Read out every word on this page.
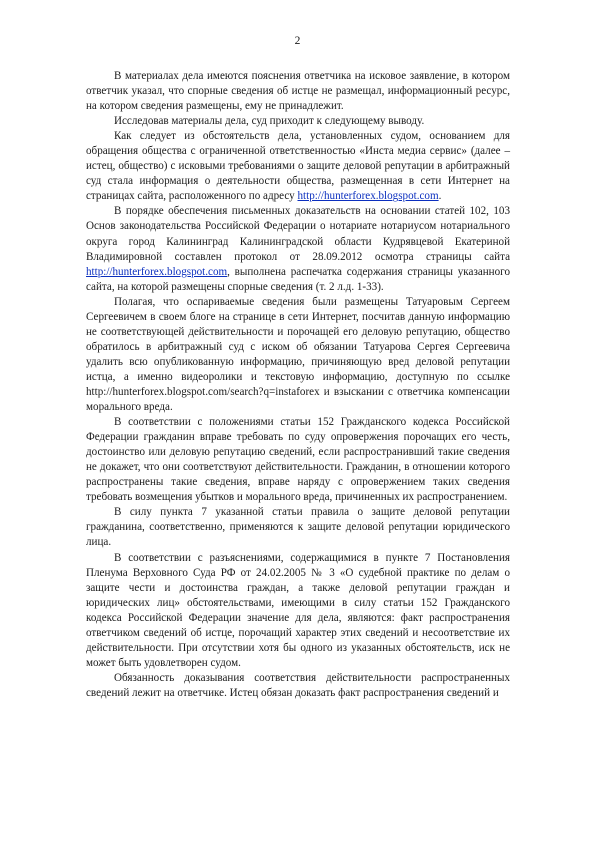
2

В материалах дела имеются пояснения ответчика на исковое заявление, в котором ответчик указал, что спорные сведения об истце не размещал, информационный ресурс, на котором сведения размещены, ему не принадлежит.

Исследовав материалы дела, суд приходит к следующему выводу.

Как следует из обстоятельств дела, установленных судом, основанием для обращения общества с ограниченной ответственностью «Инста медиа сервис» (далее – истец, общество) с исковыми требованиями о защите деловой репутации в арбитражный суд стала информация о деятельности общества, размещенная в сети Интернет на страницах сайта, расположенного по адресу http://hunterforex.blogspot.com.

В порядке обеспечения письменных доказательств на основании статей 102, 103 Основ законодательства Российской Федерации о нотариате нотариусом нотариального округа город Калининград Калининградской области Кудрявцевой Екатериной Владимировной составлен протокол от 28.09.2012 осмотра страницы сайта http://hunterforex.blogspot.com, выполнена распечатка содержания страницы указанного сайта, на которой размещены спорные сведения (т. 2 л.д. 1-33).

Полагая, что оспариваемые сведения были размещены Татуаровым Сергеем Сергеевичем в своем блоге на странице в сети Интернет, посчитав данную информацию не соответствующей действительности и порочащей его деловую репутацию, общество обратилось в арбитражный суд с иском об обязании Татуарова Сергея Сергеевича удалить всю опубликованную информацию, причиняющую вред деловой репутации истца, а именно видеоролики и текстовую информацию, доступную по ссылке http://hunterforex.blogspot.com/search?q=instaforex и взыскании с ответчика компенсации морального вреда.

В соответствии с положениями статьи 152 Гражданского кодекса Российской Федерации гражданин вправе требовать по суду опровержения порочащих его честь, достоинство или деловую репутацию сведений, если распространивший такие сведения не докажет, что они соответствуют действительности. Гражданин, в отношении которого распространены такие сведения, вправе наряду с опровержением таких сведения требовать возмещения убытков и морального вреда, причиненных их распространением.

В силу пункта 7 указанной статьи правила о защите деловой репутации гражданина, соответственно, применяются к защите деловой репутации юридического лица.

В соответствии с разъяснениями, содержащимися в пункте 7 Постановления Пленума Верховного Суда РФ от 24.02.2005 № 3 «О судебной практике по делам о защите чести и достоинства граждан, а также деловой репутации граждан и юридических лиц» обстоятельствами, имеющими в силу статьи 152 Гражданского кодекса Российской Федерации значение для дела, являются: факт распространения ответчиком сведений об истце, порочащий характер этих сведений и несоответствие их действительности. При отсутствии хотя бы одного из указанных обстоятельств, иск не может быть удовлетворен судом.

Обязанность доказывания соответствия действительности распространенных сведений лежит на ответчике. Истец обязан доказать факт распространения сведений и
